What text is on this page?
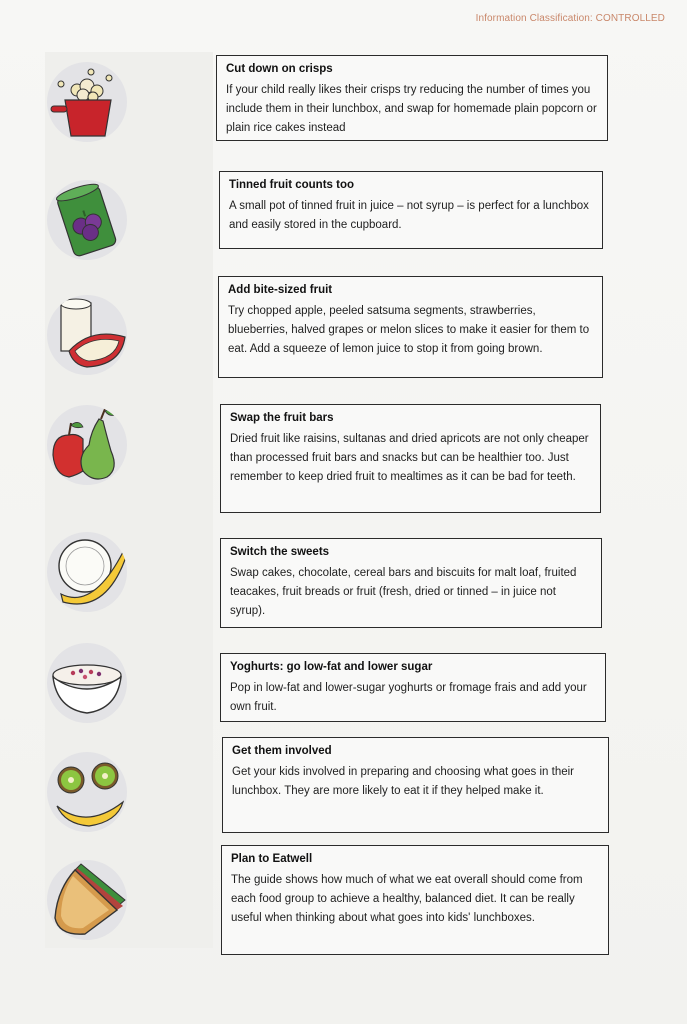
Information Classification: CONTROLLED
Cut down on crisps
If your child really likes their crisps try reducing the number of times you include them in their lunchbox, and swap for homemade plain popcorn or plain rice cakes instead
Tinned fruit counts too
A small pot of tinned fruit in juice – not syrup – is perfect for a lunchbox and easily stored in the cupboard.
Add bite-sized fruit
Try chopped apple, peeled satsuma segments, strawberries, blueberries, halved grapes or melon slices to make it easier for them to eat. Add a squeeze of lemon juice to stop it from going brown.
Swap the fruit bars
Dried fruit like raisins, sultanas and dried apricots are not only cheaper than processed fruit bars and snacks but can be healthier too. Just remember to keep dried fruit to mealtimes as it can be bad for teeth.
Switch the sweets
Swap cakes, chocolate, cereal bars and biscuits for malt loaf, fruited teacakes, fruit breads or fruit (fresh, dried or tinned – in juice not syrup).
Yoghurts: go low-fat and lower sugar
Pop in low-fat and lower-sugar yoghurts or fromage frais and add your own fruit.
Get them involved
Get your kids involved in preparing and choosing what goes in their lunchbox. They are more likely to eat it if they helped make it.
Plan to Eatwell
The guide shows how much of what we eat overall should come from each food group to achieve a healthy, balanced diet. It can be really useful when thinking about what goes into kids' lunchboxes.
